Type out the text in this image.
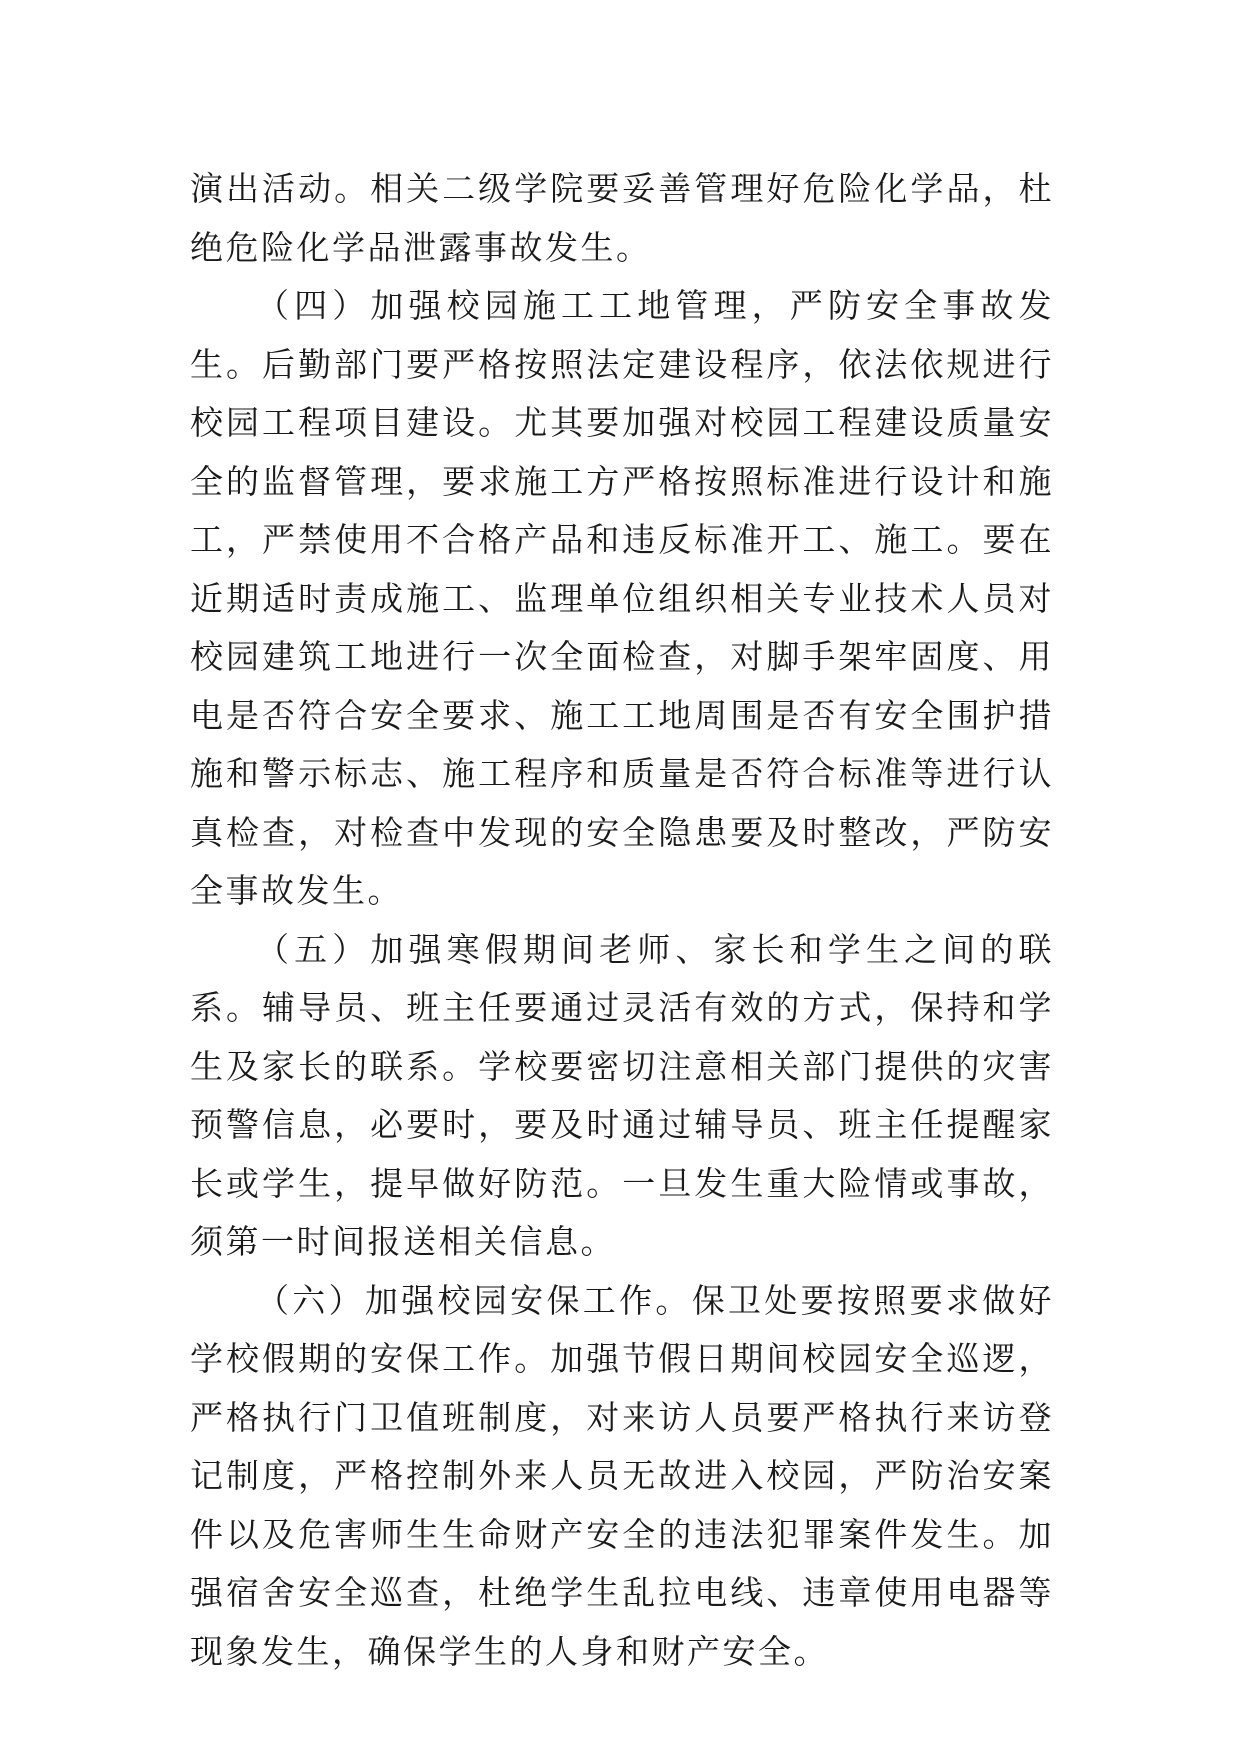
演出活动。相关二级学院要妥善管理好危险化学品，杜绝危险化学品泄露事故发生。

（四）加强校园施工工地管理，严防安全事故发生。后勤部门要严格按照法定建设程序，依法依规进行校园工程项目建设。尤其要加强对校园工程建设质量安全的监督管理，要求施工方严格按照标准进行设计和施工，严禁使用不合格产品和违反标准开工、施工。要在近期适时责成施工、监理单位组织相关专业技术人员对校园建筑工地进行一次全面检查，对脚手架牢固度、用电是否符合安全要求、施工工地周围是否有安全围护措施和警示标志、施工程序和质量是否符合标准等进行认真检查，对检查中发现的安全隐患要及时整改，严防安全事故发生。

（五）加强寒假期间老师、家长和学生之间的联系。辅导员、班主任要通过灵活有效的方式，保持和学生及家长的联系。学校要密切注意相关部门提供的灾害预警信息，必要时，要及时通过辅导员、班主任提醒家长或学生，提早做好防范。一旦发生重大险情或事故，须第一时间报送相关信息。

（六）加强校园安保工作。保卫处要按照要求做好学校假期的安保工作。加强节假日期间校园安全巡逻，严格执行门卫值班制度，对来访人员要严格执行来访登记制度，严格控制外来人员无故进入校园，严防治安案件以及危害师生生命财产安全的违法犯罪案件发生。加强宿舍安全巡查，杜绝学生乱拉电线、违章使用电器等现象发生，确保学生的人身和财产安全。
